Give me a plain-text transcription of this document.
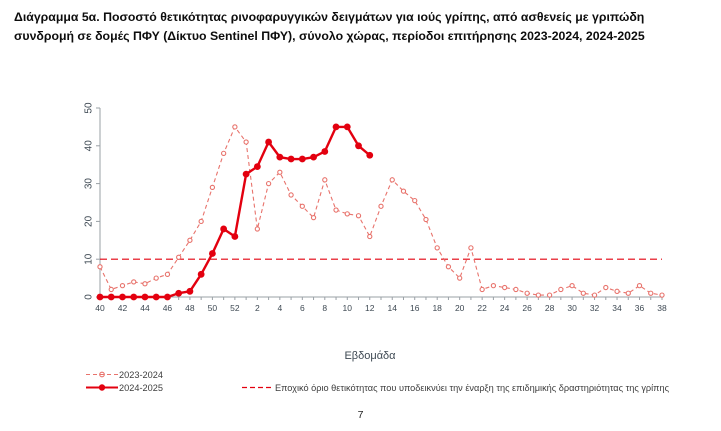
Διάγραμμα 5α. Ποσοστό θετικότητας ρινοφαρυγγικών δειγμάτων για ιούς γρίπης, από ασθενείς με γριπώδη συνδρομή σε δομές ΠΦΥ (Δίκτυο Sentinel ΠΦΥ), σύνολο χώρας, περίοδοι επιτήρησης 2023-2024, 2024-2025
0
10
20
30
40
50
40 42 44 46 48 50 52 2 4 6 8 10 12 14 16 18 20 22 24 26 28 30 32 34 36 38
Εβδομάδα
2023-2024
2024-2025	Εποχικό όριο θετικότητας που υποδεικνύει την έναρξη της επιδημικής δραστηριότητας της γρίπης
7
